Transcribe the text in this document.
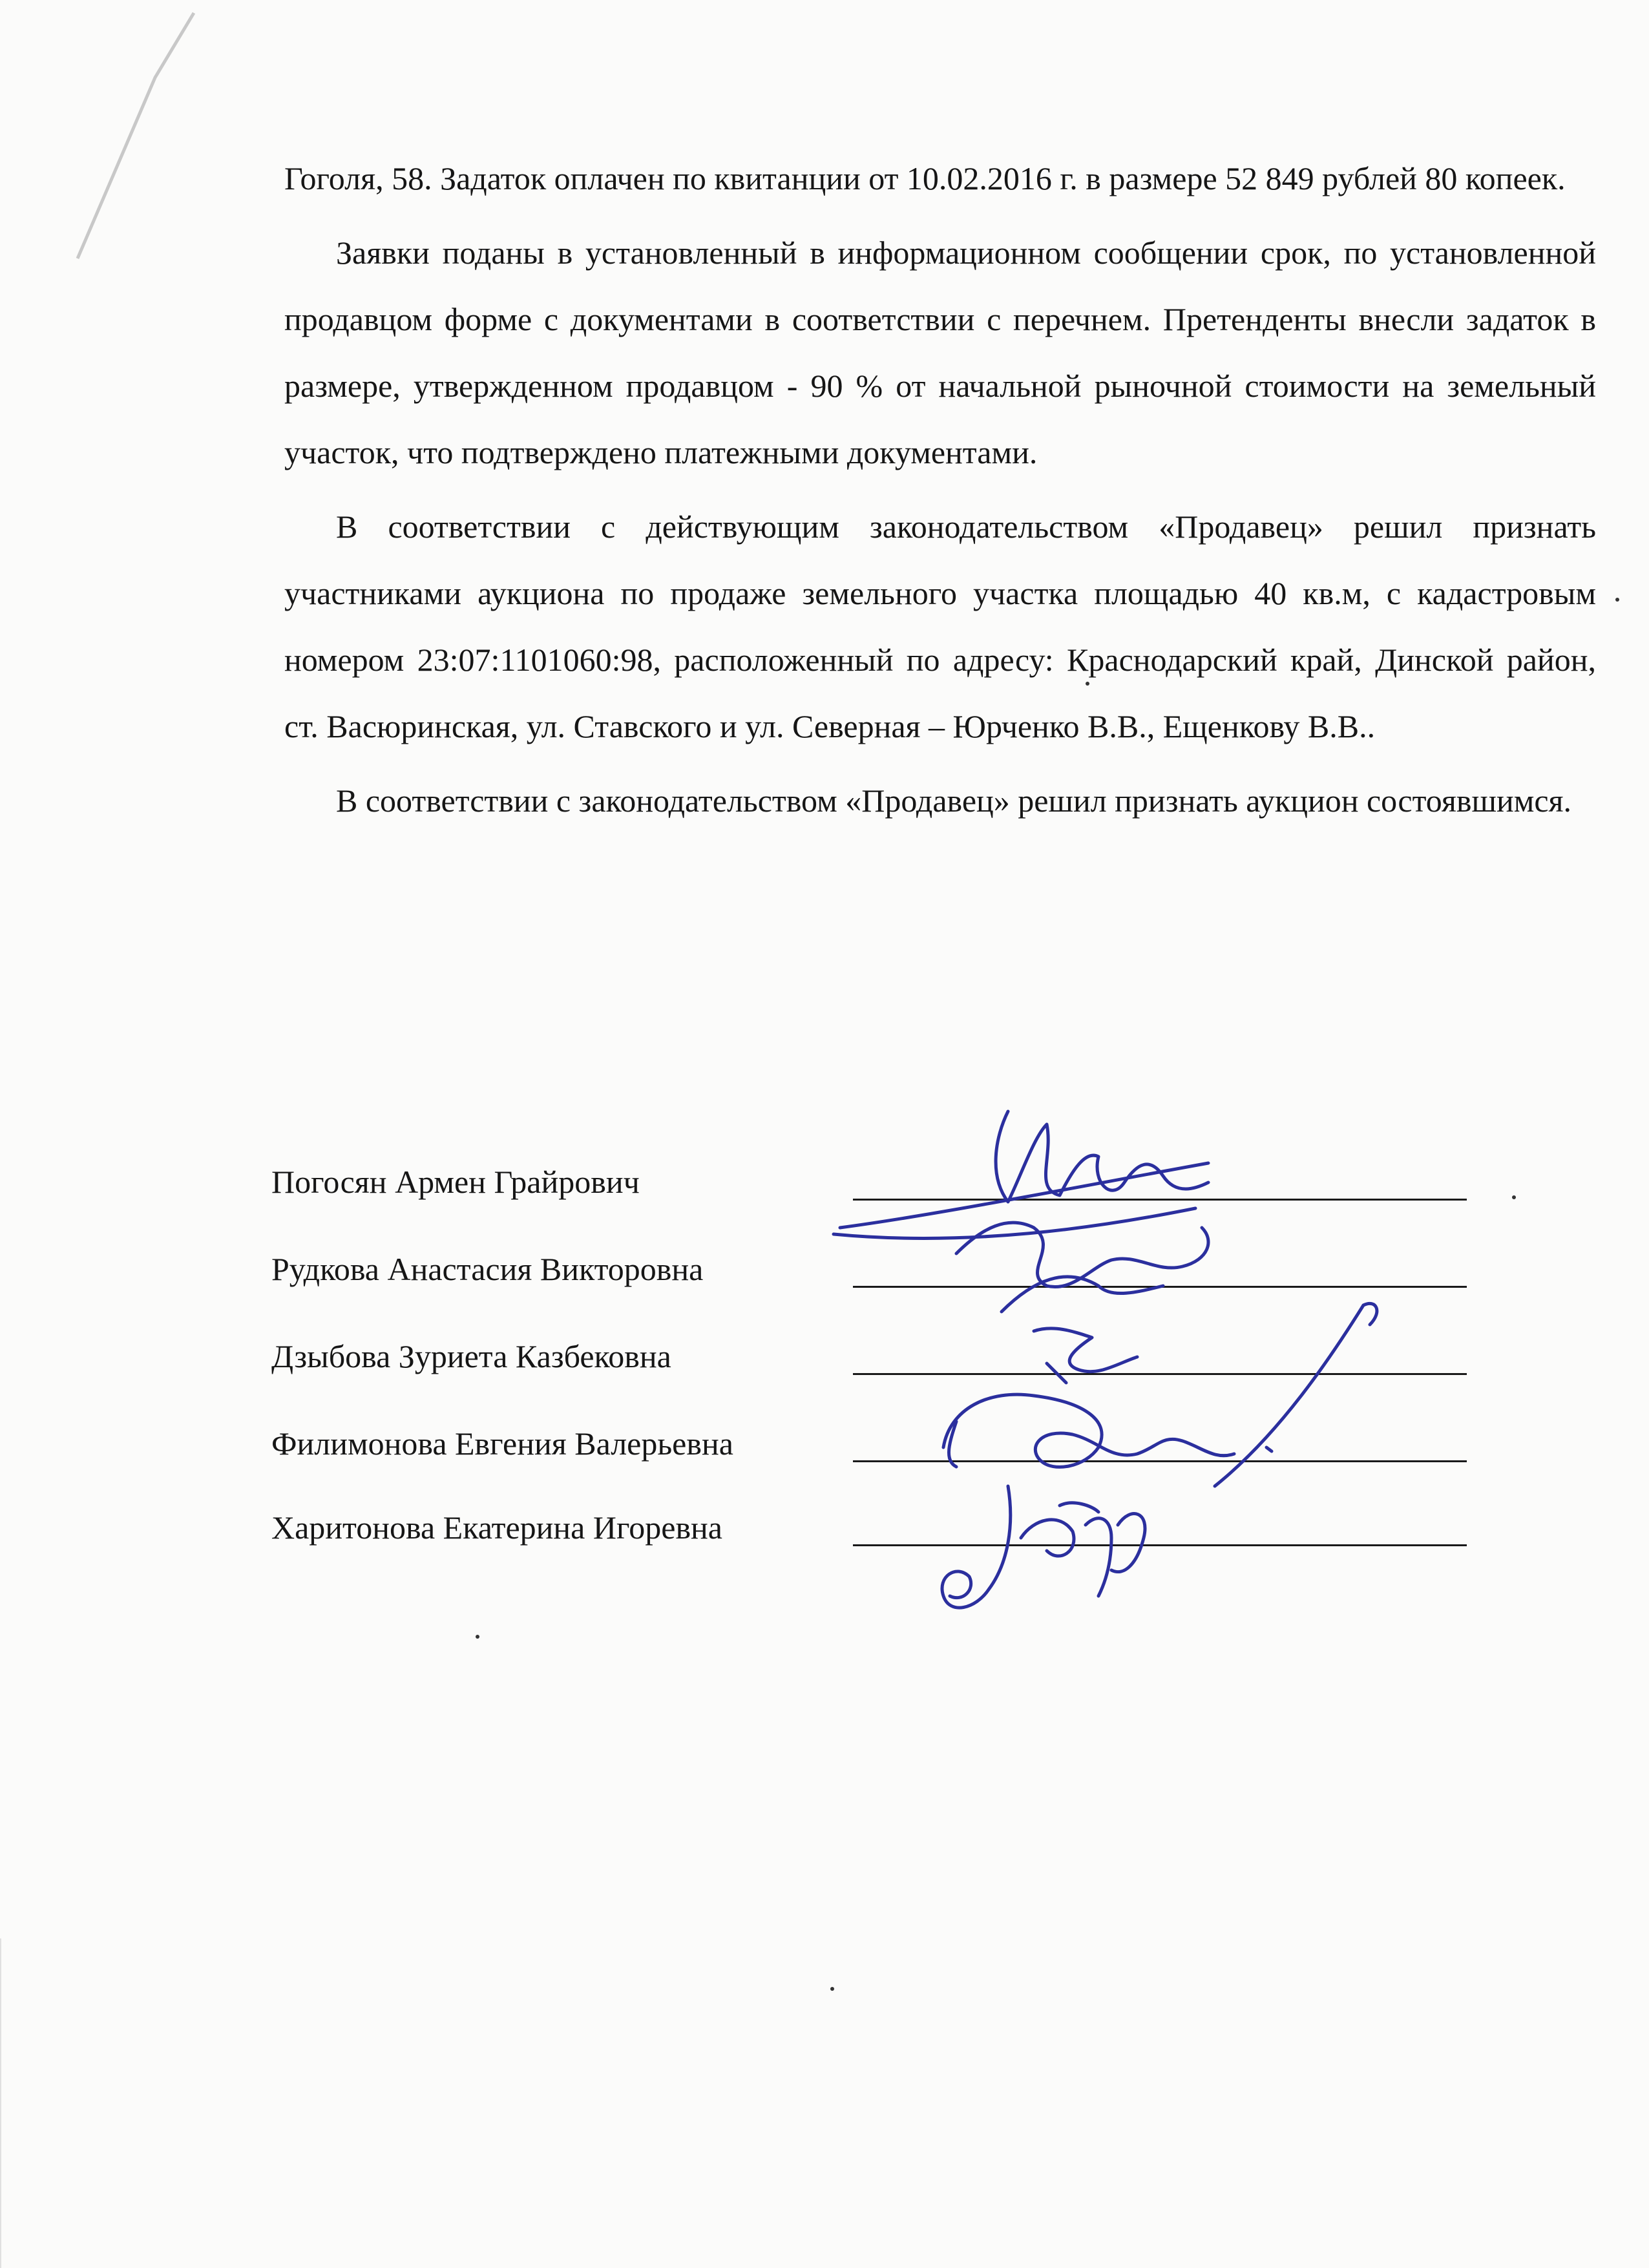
Гоголя, 58. Задаток оплачен по квитанции от 10.02.2016 г. в размере 52 849 рублей 80 копеек.

Заявки поданы в установленный в информационном сообщении срок, по установленной продавцом форме с документами в соответствии с перечнем. Претенденты внесли задаток в размере, утвержденном продавцом - 90 % от начальной рыночной стоимости на земельный участок, что подтверждено платежными документами.

В соответствии с действующим законодательством «Продавец» решил признать участниками аукциона по продаже земельного участка площадью 40 кв.м, с кадастровым номером 23:07:1101060:98, расположенный по адресу: Краснодарский край, Динской район, ст. Васюринская, ул. Ставского и ул. Северная – Юрченко В.В., Ещенкову В.В..

В соответствии с законодательством «Продавец» решил признать аукцион состоявшимся.

Погосян Армен Грайрович
Рудкова Анастасия Викторовна
Дзыбова Зуриета Казбековна
Филимонова Евгения Валерьевна
Харитонова Екатерина Игоревна
